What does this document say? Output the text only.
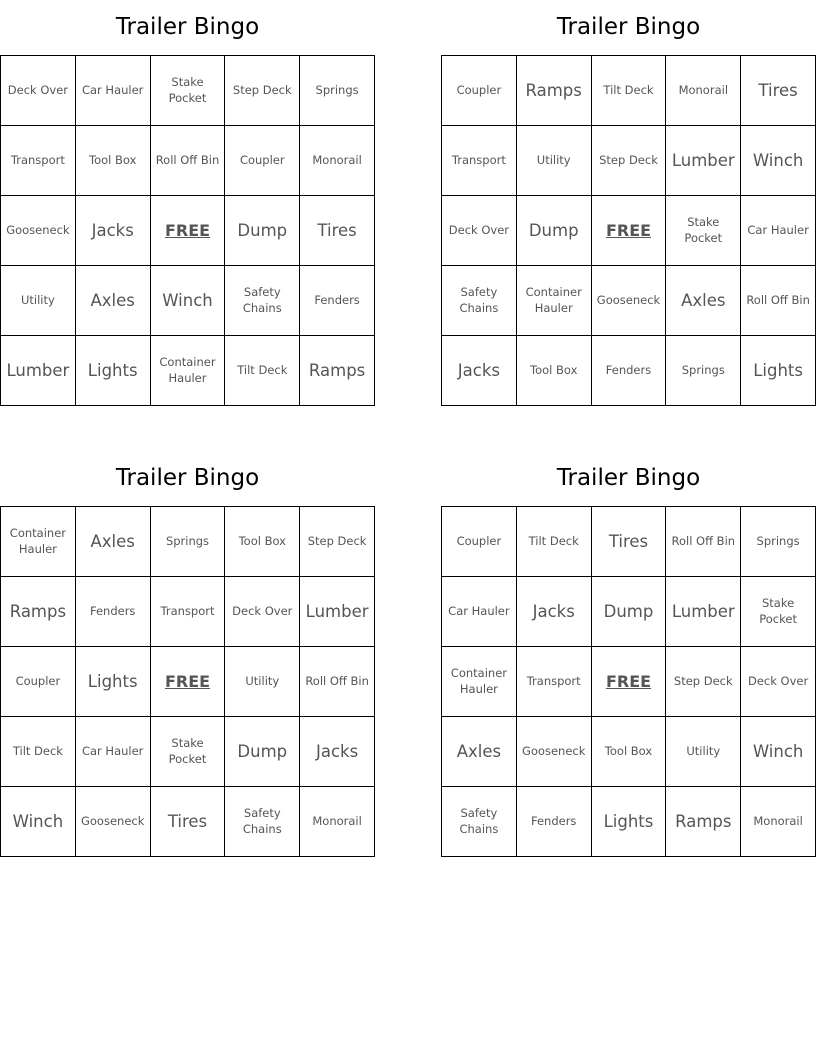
Trailer Bingo
Deck Over	Car Hauler	Stake Pocket	Step Deck	Springs
Transport	Tool Box	Roll Off Bin	Coupler	Monorail
Gooseneck	Jacks	FREE	Dump	Tires
Utility	Axles	Winch	Safety Chains	Fenders
Lumber	Lights	Container Hauler	Tilt Deck	Ramps
Trailer Bingo
Coupler	Ramps	Tilt Deck	Monorail	Tires
Transport	Utility	Step Deck	Lumber	Winch
Deck Over	Dump	FREE	Stake Pocket	Car Hauler
Safety Chains	Container Hauler	Gooseneck	Axles	Roll Off Bin
Jacks	Tool Box	Fenders	Springs	Lights
Trailer Bingo
Container Hauler	Axles	Springs	Tool Box	Step Deck
Ramps	Fenders	Transport	Deck Over	Lumber
Coupler	Lights	FREE	Utility	Roll Off Bin
Tilt Deck	Car Hauler	Stake Pocket	Dump	Jacks
Winch	Gooseneck	Tires	Safety Chains	Monorail
Trailer Bingo
Coupler	Tilt Deck	Tires	Roll Off Bin	Springs
Car Hauler	Jacks	Dump	Lumber	Stake Pocket
Container Hauler	Transport	FREE	Step Deck	Deck Over
Axles	Gooseneck	Tool Box	Utility	Winch
Safety Chains	Fenders	Lights	Ramps	Monorail
